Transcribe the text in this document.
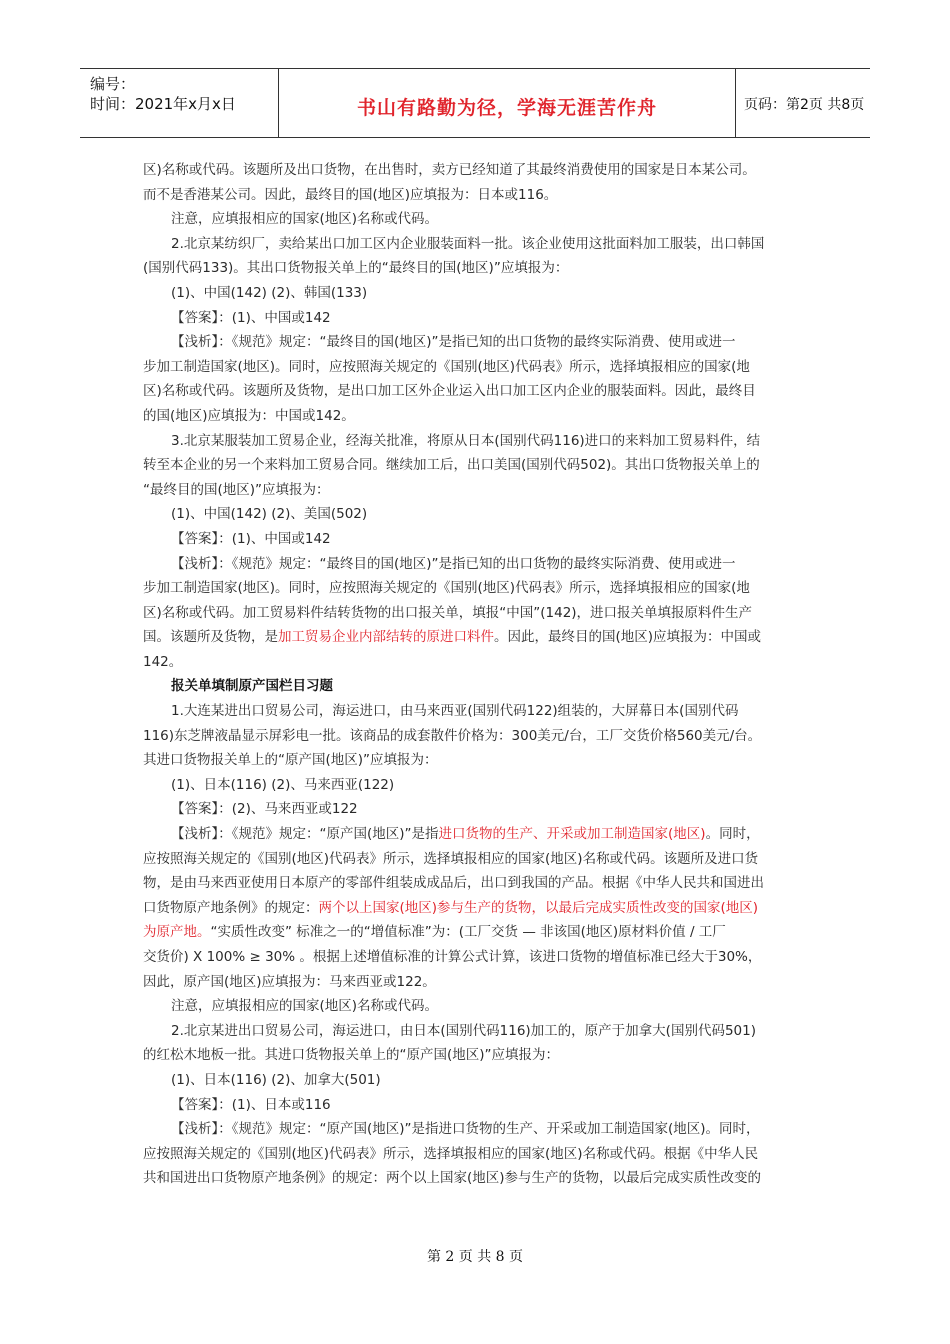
编号：
时间：2021年x月x日	书山有路勤为径，学海无涯苦作舟	页码：第2页 共8页

区)名称或代码。该题所及出口货物，在出售时，卖方已经知道了其最终消费使用的国家是日本某公司。

而不是香港某公司。因此，最终目的国(地区)应填报为：日本或116。

注意，应填报相应的国家(地区)名称或代码。

2.北京某纺织厂，卖给某出口加工区内企业服装面料一批。该企业使用这批面料加工服装，出口韩国

(国别代码133)。其出口货物报关单上的“最终目的国(地区)”应填报为：

(1)、中国(142) (2)、韩国(133)

【答案】：(1)、中国或142

【浅析】：《规范》规定：“最终目的国(地区)”是指已知的出口货物的最终实际消费、使用或进一

步加工制造国家(地区)。同时，应按照海关规定的《国别(地区)代码表》所示，选择填报相应的国家(地

区)名称或代码。该题所及货物，是出口加工区外企业运入出口加工区内企业的服装面料。因此，最终目

的国(地区)应填报为：中国或142。

3.北京某服装加工贸易企业，经海关批准，将原从日本(国别代码116)进口的来料加工贸易料件，结

转至本企业的另一个来料加工贸易合同。继续加工后，出口美国(国别代码502)。其出口货物报关单上的

“最终目的国(地区)”应填报为：

(1)、中国(142) (2)、美国(502)

【答案】：(1)、中国或142

【浅析】：《规范》规定：“最终目的国(地区)”是指已知的出口货物的最终实际消费、使用或进一

步加工制造国家(地区)。同时，应按照海关规定的《国别(地区)代码表》所示，选择填报相应的国家(地

区)名称或代码。加工贸易料件结转货物的出口报关单，填报“中国”(142)，进口报关单填报原料件生产

国。该题所及货物，是加工贸易企业内部结转的原进口料件。因此，最终目的国(地区)应填报为：中国或

142。

报关单填制原产国栏目习题

1.大连某进出口贸易公司，海运进口，由马来西亚(国别代码122)组装的，大屏幕日本(国别代码

116)东芝牌液晶显示屏彩电一批。该商品的成套散件价格为：300美元/台，工厂交货价格560美元/台。

其进口货物报关单上的“原产国(地区)”应填报为：

(1)、日本(116) (2)、马来西亚(122)

【答案】：(2)、马来西亚或122

【浅析】：《规范》规定：“原产国(地区)”是指进口货物的生产、开采或加工制造国家(地区)。同时，

应按照海关规定的《国别(地区)代码表》所示，选择填报相应的国家(地区)名称或代码。该题所及进口货

物，是由马来西亚使用日本原产的零部件组装成成品后，出口到我国的产品。根据《中华人民共和国进出

口货物原产地条例》的规定：两个以上国家(地区)参与生产的货物，以最后完成实质性改变的国家(地区)

为原产地。“实质性改变” 标准之一的“增值标准”为：(工厂交货 — 非该国(地区)原材料价值 / 工厂

交货价) X 100% ≥ 30% 。根据上述增值标准的计算公式计算，该进口货物的增值标准已经大于30%，

因此，原产国(地区)应填报为：马来西亚或122。

注意，应填报相应的国家(地区)名称或代码。

2.北京某进出口贸易公司，海运进口，由日本(国别代码116)加工的，原产于加拿大(国别代码501)

的红松木地板一批。其进口货物报关单上的“原产国(地区)”应填报为：

(1)、日本(116) (2)、加拿大(501)

【答案】：(1)、日本或116

【浅析】：《规范》规定：“原产国(地区)”是指进口货物的生产、开采或加工制造国家(地区)。同时，

应按照海关规定的《国别(地区)代码表》所示，选择填报相应的国家(地区)名称或代码。根据《中华人民

共和国进出口货物原产地条例》的规定：两个以上国家(地区)参与生产的货物，以最后完成实质性改变的

第 2 页 共 8 页
